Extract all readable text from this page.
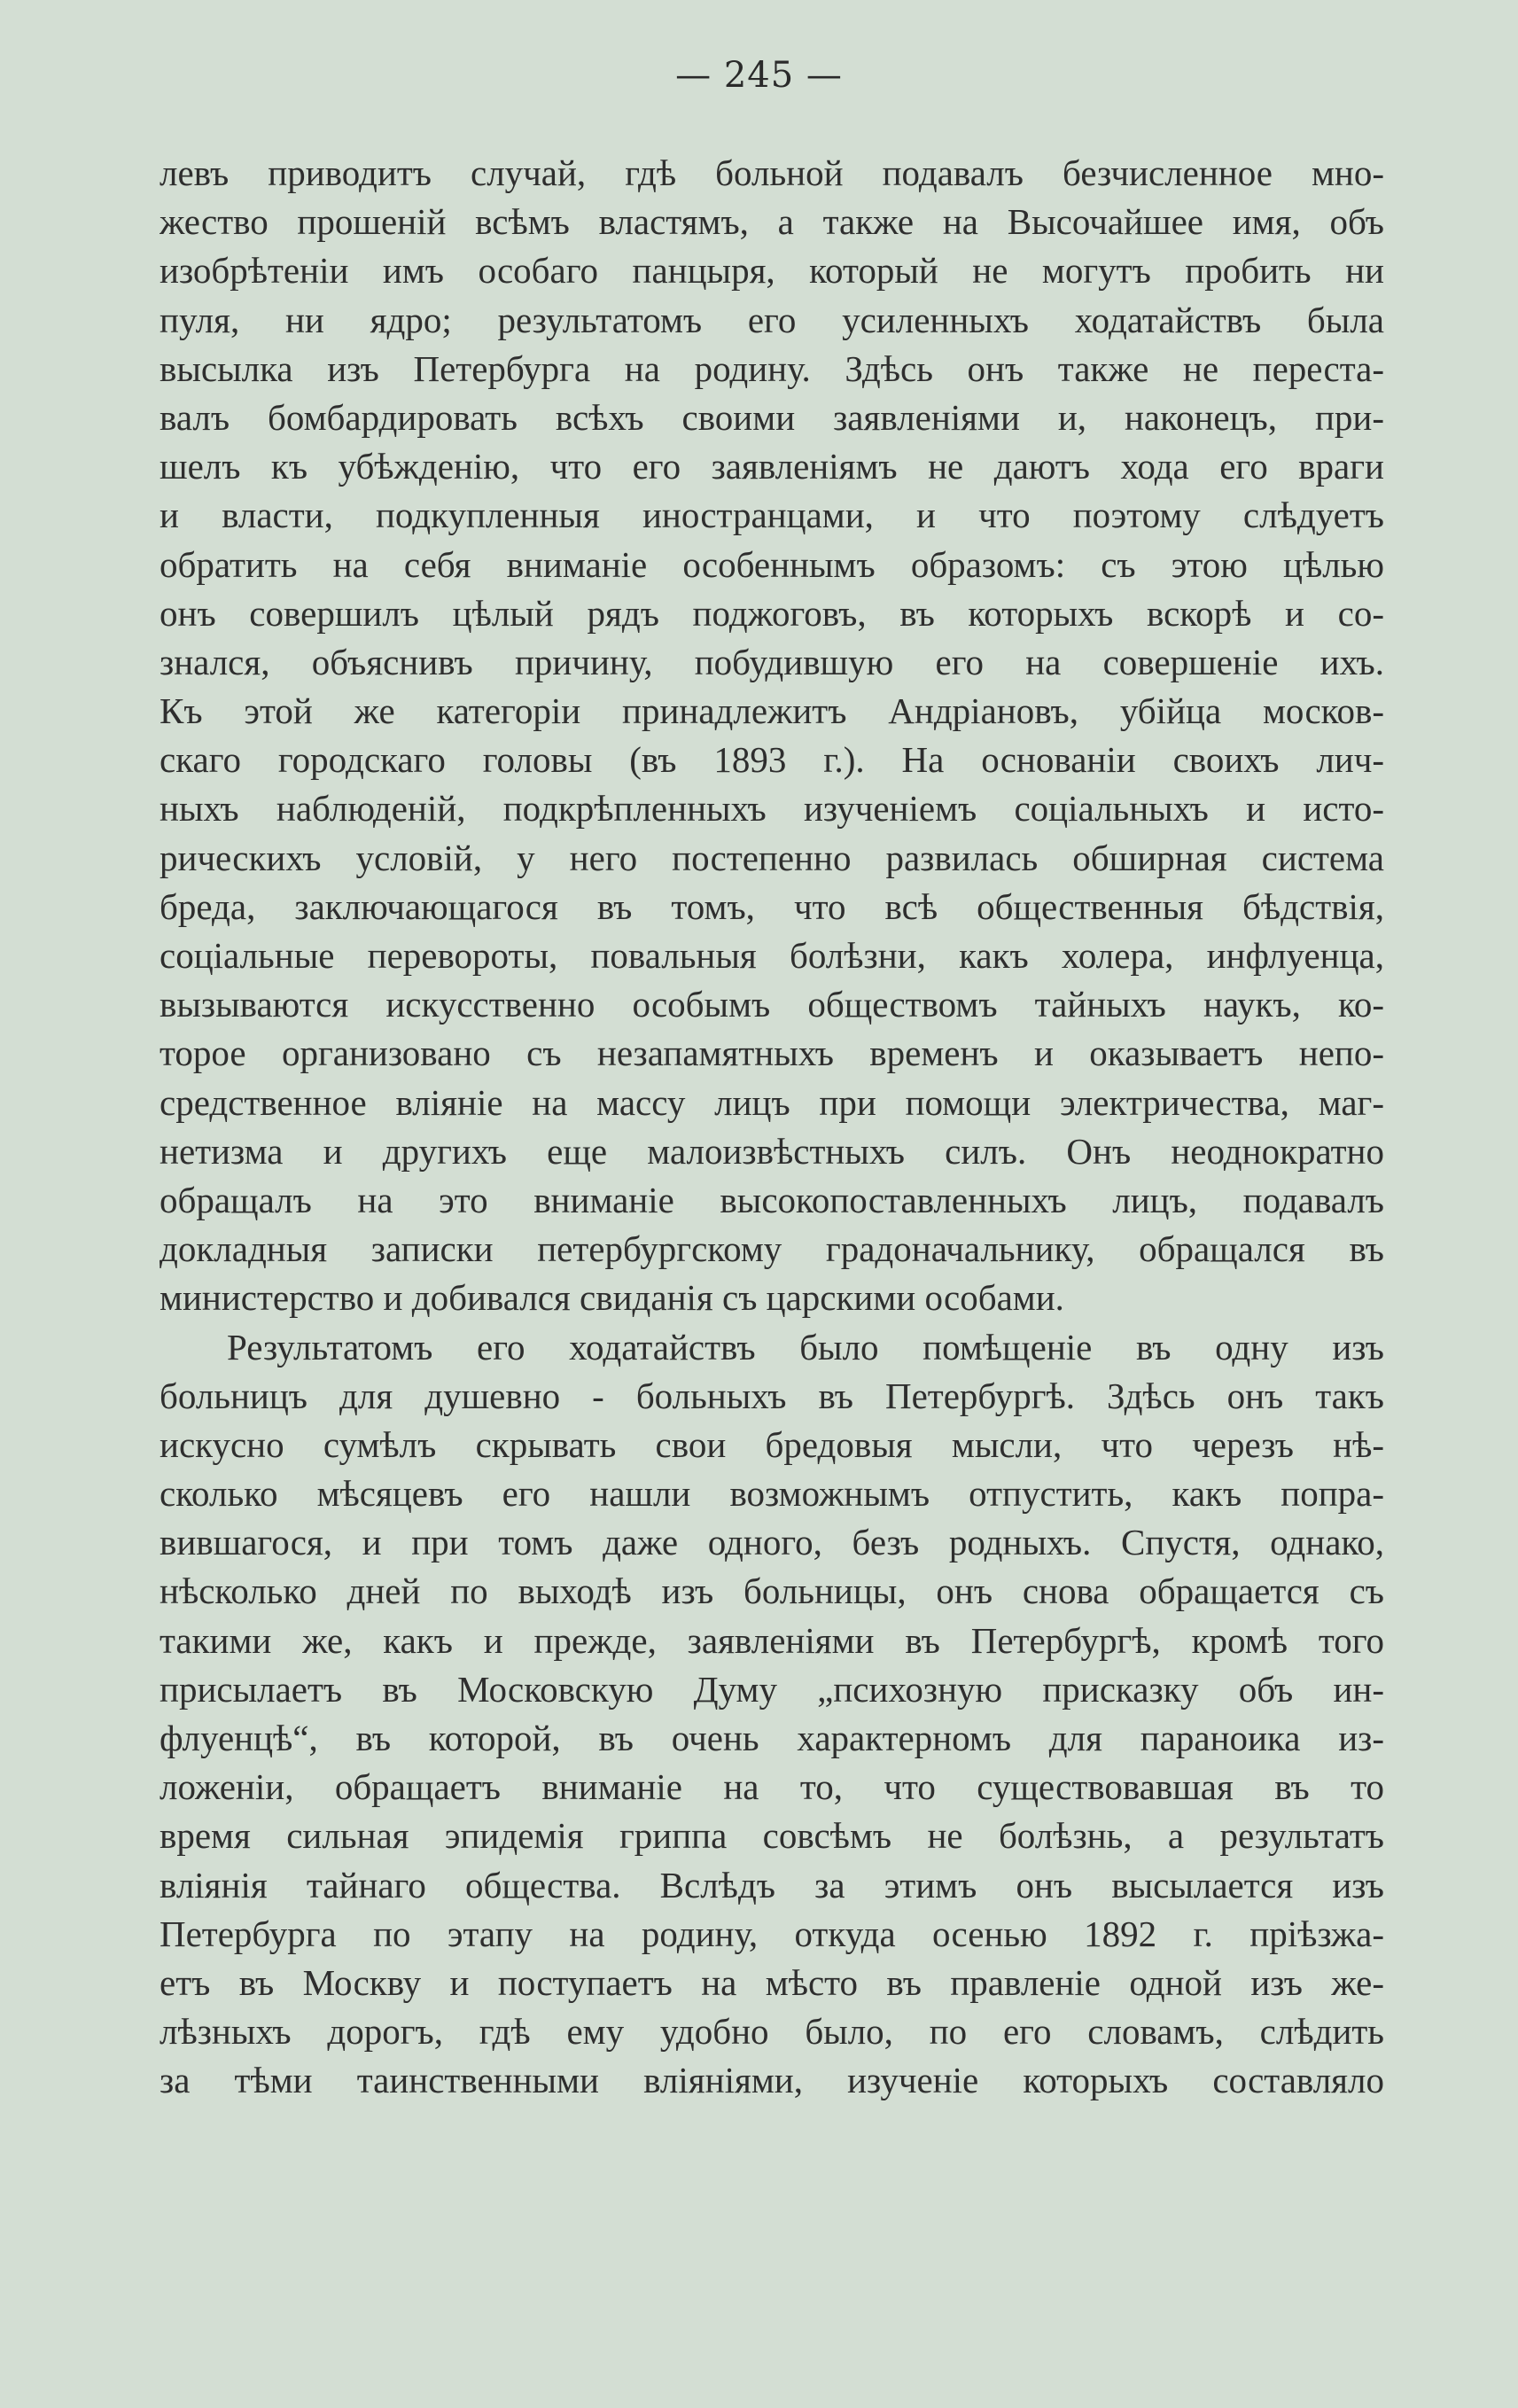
— 245 —
левъ приводитъ случай, гдѣ больной подавалъ безчисленное мно-
жество прошеній всѣмъ властямъ, а также на Высочайшее имя, объ
изобрѣтеніи имъ особаго панцыря, который не могутъ пробить ни
пуля, ни ядро; результатомъ его усиленныхъ ходатайствъ была
высылка изъ Петербурга на родину. Здѣсь онъ также не переста-
валъ бомбардировать всѣхъ своими заявленіями и, наконецъ, при-
шелъ къ убѣжденію, что его заявленіямъ не даютъ хода его враги
и власти, подкупленныя иностранцами, и что поэтому слѣдуетъ
обратить на себя вниманіе особеннымъ образомъ: съ этою цѣлью
онъ совершилъ цѣлый рядъ поджоговъ, въ которыхъ вскорѣ и со-
знался, объяснивъ причину, побудившую его на совершеніе ихъ.
Къ этой же категоріи принадлежитъ Андріановъ, убійца москов-
скаго городскаго головы (въ 1893 г.). На основаніи своихъ лич-
ныхъ наблюденій, подкрѣпленныхъ изученіемъ соціальныхъ и исто-
рическихъ условій, у него постепенно развилась обширная система
бреда, заключающагося въ томъ, что всѣ общественныя бѣдствія,
соціальные перевороты, повальныя болѣзни, какъ холера, инфлуенца,
вызываются искусственно особымъ обществомъ тайныхъ наукъ, ко-
торое организовано съ незапамятныхъ временъ и оказываетъ непо-
средственное вліяніе на массу лицъ при помощи электричества, маг-
нетизма и другихъ еще малоизвѣстныхъ силъ. Онъ неоднократно
обращалъ на это вниманіе высокопоставленныхъ лицъ, подавалъ
докладныя записки петербургскому градоначальнику, обращался въ
министерство и добивался свиданія съ царскими особами.
Результатомъ его ходатайствъ было помѣщеніе въ одну изъ
больницъ для душевно - больныхъ въ Петербургѣ. Здѣсь онъ такъ
искусно сумѣлъ скрывать свои бредовыя мысли, что черезъ нѣ-
сколько мѣсяцевъ его нашли возможнымъ отпустить, какъ попра-
вившагося, и при томъ даже одного, безъ родныхъ. Спустя, однако,
нѣсколько дней по выходѣ изъ больницы, онъ снова обращается съ
такими же, какъ и прежде, заявленіями въ Петербургѣ, кромѣ того
присылаетъ въ Московскую Думу „психозную присказку объ ин-
флуенцѣ“, въ которой, въ очень характерномъ для параноика из-
ложеніи, обращаетъ вниманіе на то, что существовавшая въ то
время сильная эпидемія гриппа совсѣмъ не болѣзнь, а результатъ
вліянія тайнаго общества. Вслѣдъ за этимъ онъ высылается изъ
Петербурга по этапу на родину, откуда осенью 1892 г. пріѣзжа-
етъ въ Москву и поступаетъ на мѣсто въ правленіе одной изъ же-
лѣзныхъ дорогъ, гдѣ ему удобно было, по его словамъ, слѣдить
за тѣми таинственными вліяніями, изученіе которыхъ составляло
